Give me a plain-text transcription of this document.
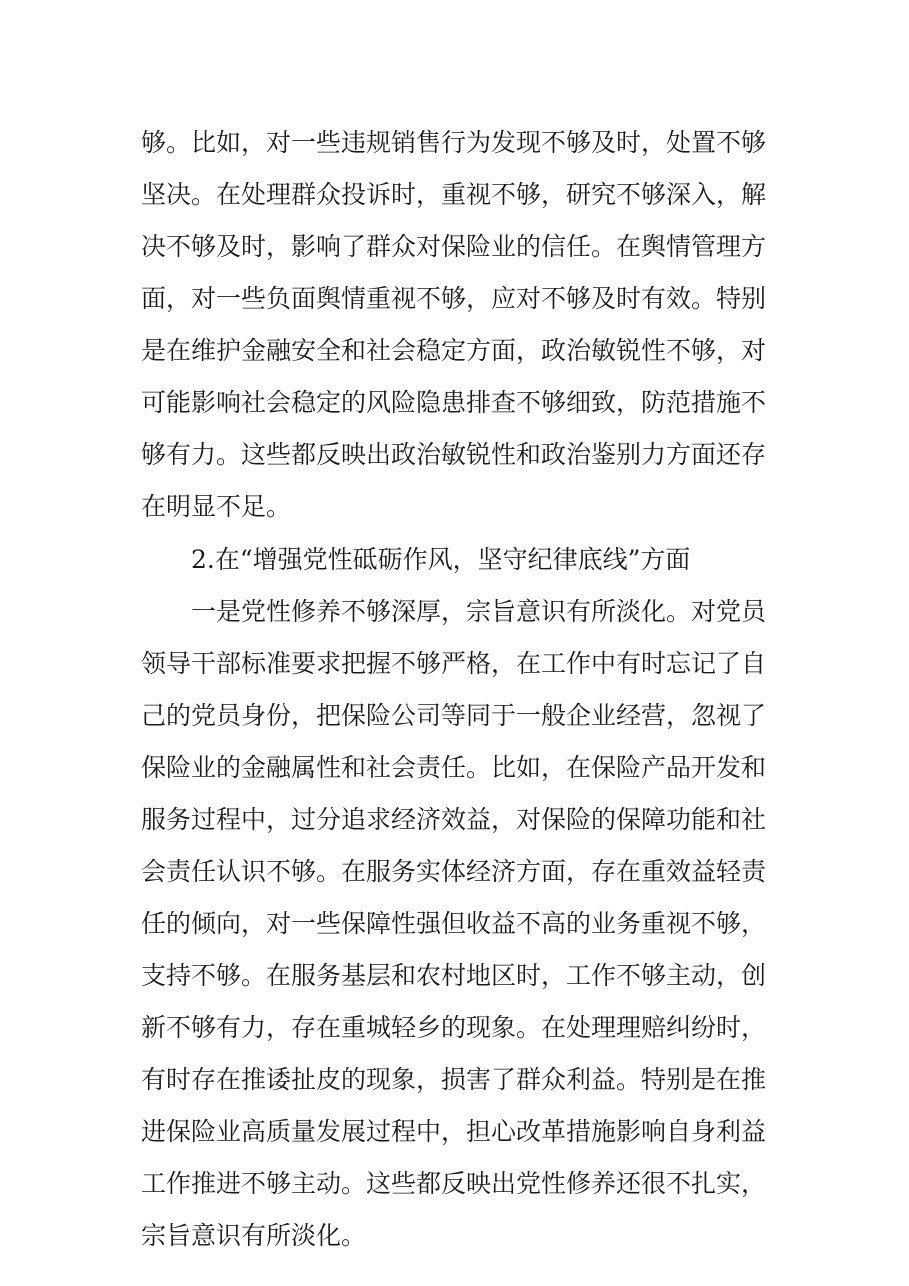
够。比如，对一些违规销售行为发现不够及时，处置不够
坚决。在处理群众投诉时，重视不够，研究不够深入，解
决不够及时，影响了群众对保险业的信任。在舆情管理方
面，对一些负面舆情重视不够，应对不够及时有效。特别
是在维护金融安全和社会稳定方面，政治敏锐性不够，对
可能影响社会稳定的风险隐患排查不够细致，防范措施不
够有力。这些都反映出政治敏锐性和政治鉴别力方面还存
在明显不足。
2.在“增强党性砥砺作风，坚守纪律底线”方面
一是党性修养不够深厚，宗旨意识有所淡化。对党员
领导干部标准要求把握不够严格，在工作中有时忘记了自
己的党员身份，把保险公司等同于一般企业经营，忽视了
保险业的金融属性和社会责任。比如，在保险产品开发和
服务过程中，过分追求经济效益，对保险的保障功能和社
会责任认识不够。在服务实体经济方面，存在重效益轻责
任的倾向，对一些保障性强但收益不高的业务重视不够，
支持不够。在服务基层和农村地区时，工作不够主动，创
新不够有力，存在重城轻乡的现象。在处理理赔纠纷时，
有时存在推诿扯皮的现象，损害了群众利益。特别是在推
进保险业高质量发展过程中，担心改革措施影响自身利益
工作推进不够主动。这些都反映出党性修养还很不扎实，
宗旨意识有所淡化。
